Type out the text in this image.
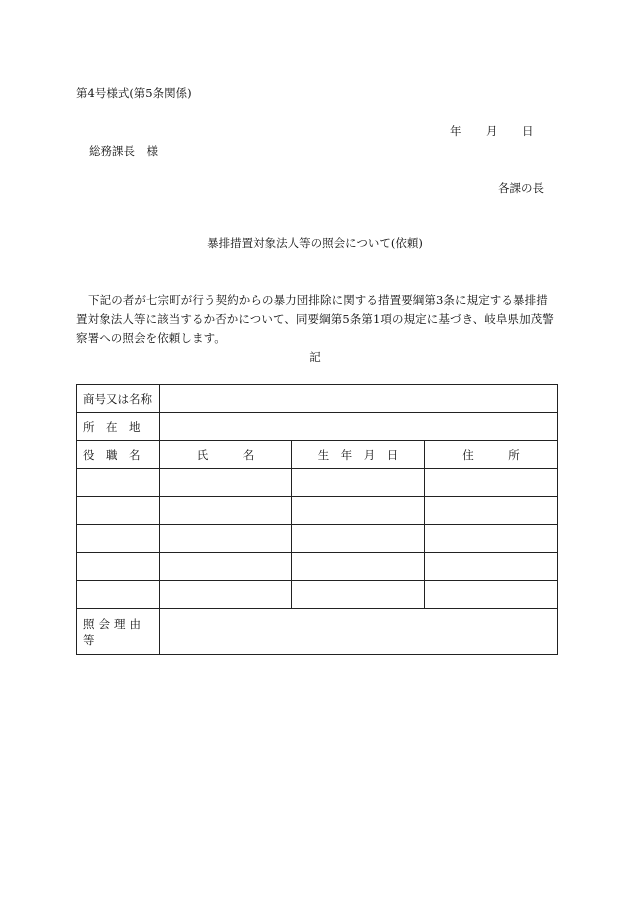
第4号様式(第5条関係)
年 月 日
総務課長　様
各課の長
暴排措置対象法人等の照会について(依頼)
下記の者が七宗町が行う契約からの暴力団排除に関する措置要綱第3条に規定する暴排措置対象法人等に該当するか否かについて、同要綱第5条第1項の規定に基づき、岐阜県加茂警察署への照会を依頼します。
記
商号又は名称			
所　在　地			
役　職　名	氏　　　名	生　年　月　日	住　　　所

照会理由等			
